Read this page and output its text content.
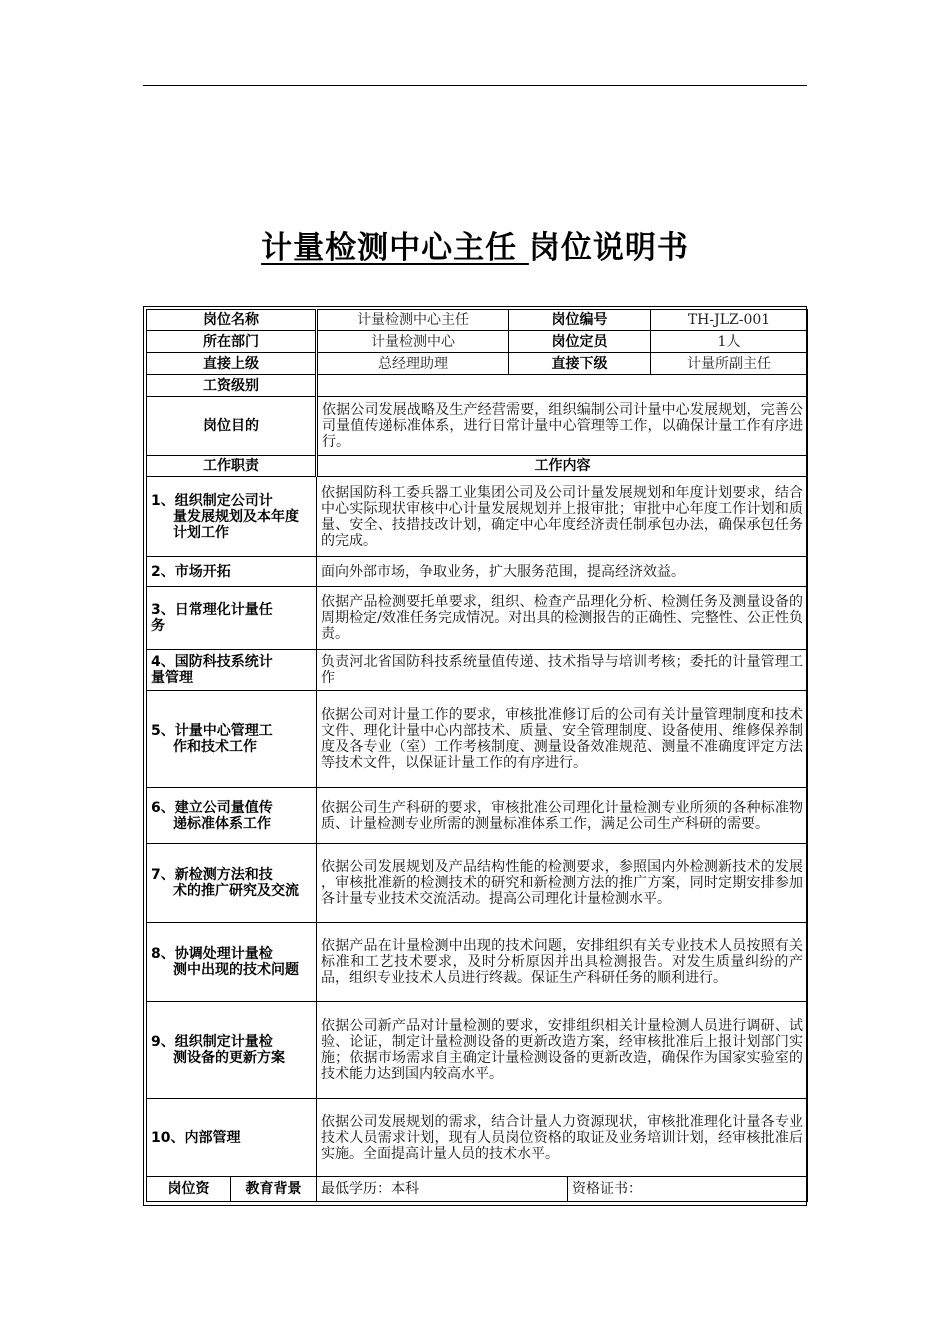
计量检测中心主任 岗位说明书
岗位名称		计量检测中心主任	岗位编号		TH-JLZ-001
所在部门		计量检测中心	岗位定员		1人
直接上级		总经理助理	直接下级		计量所副主任
工资级别					
岗位目的		依据公司发展战略及生产经营需要，组织编制公司计量中心发展规划，完善公司量值传递标准体系，进行日常计量中心管理等工作，以确保计量工作有序进行。			
工作职责		工作内容			
1、组织制定公司计
量发展规划及本年度计划工作		依据国防科工委兵器工业集团公司及公司计量发展规划和年度计划要求，结合中心实际现状审核中心计量发展规划并上报审批；审批中心年度工作计划和质量、安全、技措技改计划，确定中心年度经济责任制承包办法，确保承包任务的完成。			
2、市场开拓		面向外部市场，争取业务，扩大服务范围，提高经济效益。			
3、日常理化计量任
务		依据产品检测要托单要求，组织、检查产品理化分析、检测任务及测量设备的周期检定/效准任务完成情况。对出具的检测报告的正确性、完整性、公正性负责。			
4、国防科技系统计
量管理		负责河北省国防科技系统量值传递、技术指导与培训考核；委托的计量管理工作			
5、计量中心管理工
作和技术工作		依据公司对计量工作的要求，审核批准修订后的公司有关计量管理制度和技术文件、理化计量中心内部技术、质量、安全管理制度、设备使用、维修保养制度及各专业（室）工作考核制度、测量设备效准规范、测量不准确度评定方法等技术文件，以保证计量工作的有序进行。			
6、建立公司量值传
递标准体系工作		依据公司生产科研的要求，审核批准公司理化计量检测专业所须的各种标准物质、计量检测专业所需的测量标准体系工作，满足公司生产科研的需要。			
7、新检测方法和技
术的推广研究及交流		依据公司发展规划及产品结构性能的检测要求，参照国内外检测新技术的发展 ，审核批准新的检测技术的研究和新检测方法的推广方案，同时定期安排参加各计量专业技术交流活动。提高公司理化计量检测水平。			
8、协调处理计量检
测中出现的技术问题		依据产品在计量检测中出现的技术问题，安排组织有关专业技术人员按照有关标准和工艺技术要求，及时分析原因并出具检测报告。对发生质量纠纷的产品，组织专业技术人员进行终裁。保证生产科研任务的顺利进行。			
9、组织制定计量检
测设备的更新方案		依据公司新产品对计量检测的要求，安排组织相关计量检测人员进行调研、试验、论证，制定计量检测设备的更新改造方案，经审核批准后上报计划部门实施；依据市场需求自主确定计量检测设备的更新改造，确保作为国家实验室的技术能力达到国内较高水平。			
10、内部管理		依据公司发展规划的需求，结合计量人力资源现状，审核批准理化计量各专业技术人员需求计划，现有人员岗位资格的取证及业务培训计划，经审核批准后实施。全面提高计量人员的技术水平。			
岗位资	教育背景	最低学历：本科		资格证书：	
